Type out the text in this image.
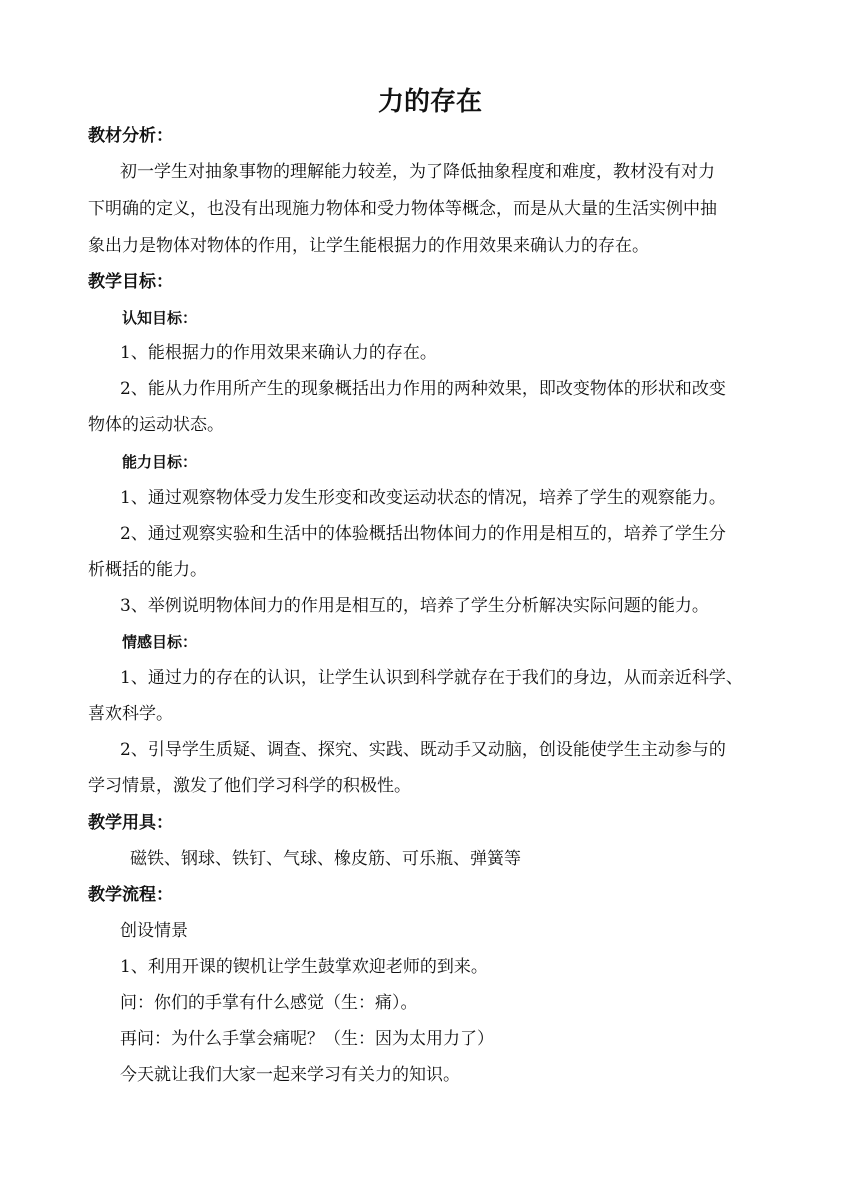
力的存在
教材分析：
初一学生对抽象事物的理解能力较差，为了降低抽象程度和难度，教材没有对力
下明确的定义，也没有出现施力物体和受力物体等概念，而是从大量的生活实例中抽
象出力是物体对物体的作用，让学生能根据力的作用效果来确认力的存在。
教学目标：
认知目标：
1、能根据力的作用效果来确认力的存在。
2、能从力作用所产生的现象概括出力作用的两种效果，即改变物体的形状和改变
物体的运动状态。
能力目标：
1、通过观察物体受力发生形变和改变运动状态的情况，培养了学生的观察能力。
2、通过观察实验和生活中的体验概括出物体间力的作用是相互的，培养了学生分
析概括的能力。
3、举例说明物体间力的作用是相互的，培养了学生分析解决实际问题的能力。
情感目标：
1、通过力的存在的认识，让学生认识到科学就存在于我们的身边，从而亲近科学、
喜欢科学。
2、引导学生质疑、调查、探究、实践、既动手又动脑，创设能使学生主动参与的
学习情景，激发了他们学习科学的积极性。
教学用具：
磁铁、钢球、铁钉、气球、橡皮筋、可乐瓶、弹簧等
教学流程：
创设情景
1、利用开课的锲机让学生鼓掌欢迎老师的到来。
问：你们的手掌有什么感觉（生：痛）。
再问：为什么手掌会痛呢？（生：因为太用力了）
今天就让我们大家一起来学习有关力的知识。
